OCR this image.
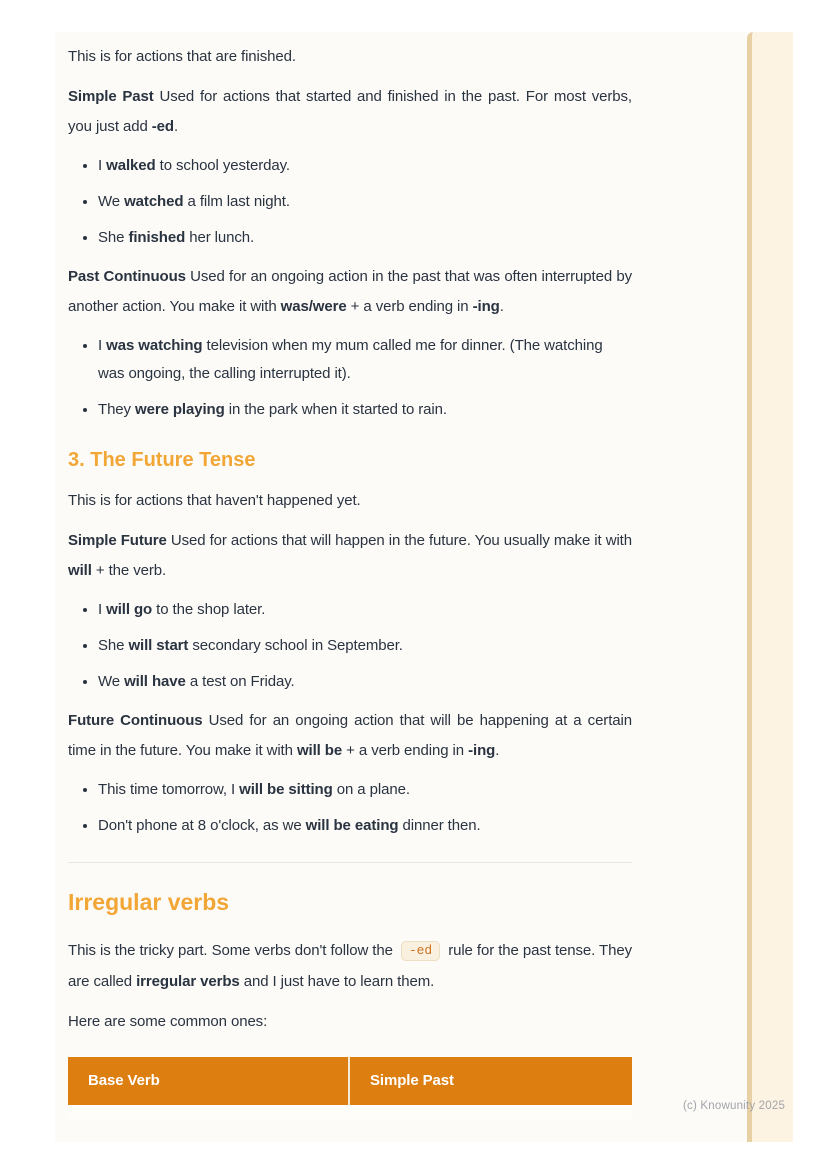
This is for actions that are finished.

Simple Past Used for actions that started and finished in the past. For most verbs, you just add -ed.

• I walked to school yesterday.
• We watched a film last night.
• She finished her lunch.

Past Continuous Used for an ongoing action in the past that was often interrupted by another action. You make it with was/were + a verb ending in -ing.

• I was watching television when my mum called me for dinner. (The watching was ongoing, the calling interrupted it).
• They were playing in the park when it started to rain.
3. The Future Tense

This is for actions that haven't happened yet.

Simple Future Used for actions that will happen in the future. You usually make it with will + the verb.

• I will go to the shop later.
• She will start secondary school in September.
• We will have a test on Friday.

Future Continuous Used for an ongoing action that will be happening at a certain time in the future. You make it with will be + a verb ending in -ing.

• This time tomorrow, I will be sitting on a plane.
• Don't phone at 8 o'clock, as we will be eating dinner then.
Irregular verbs

This is the tricky part. Some verbs don't follow the -ed rule for the past tense. They are called irregular verbs and I just have to learn them.

Here are some common ones:

Base Verb	Simple Past

(c) Knowunity 2025
